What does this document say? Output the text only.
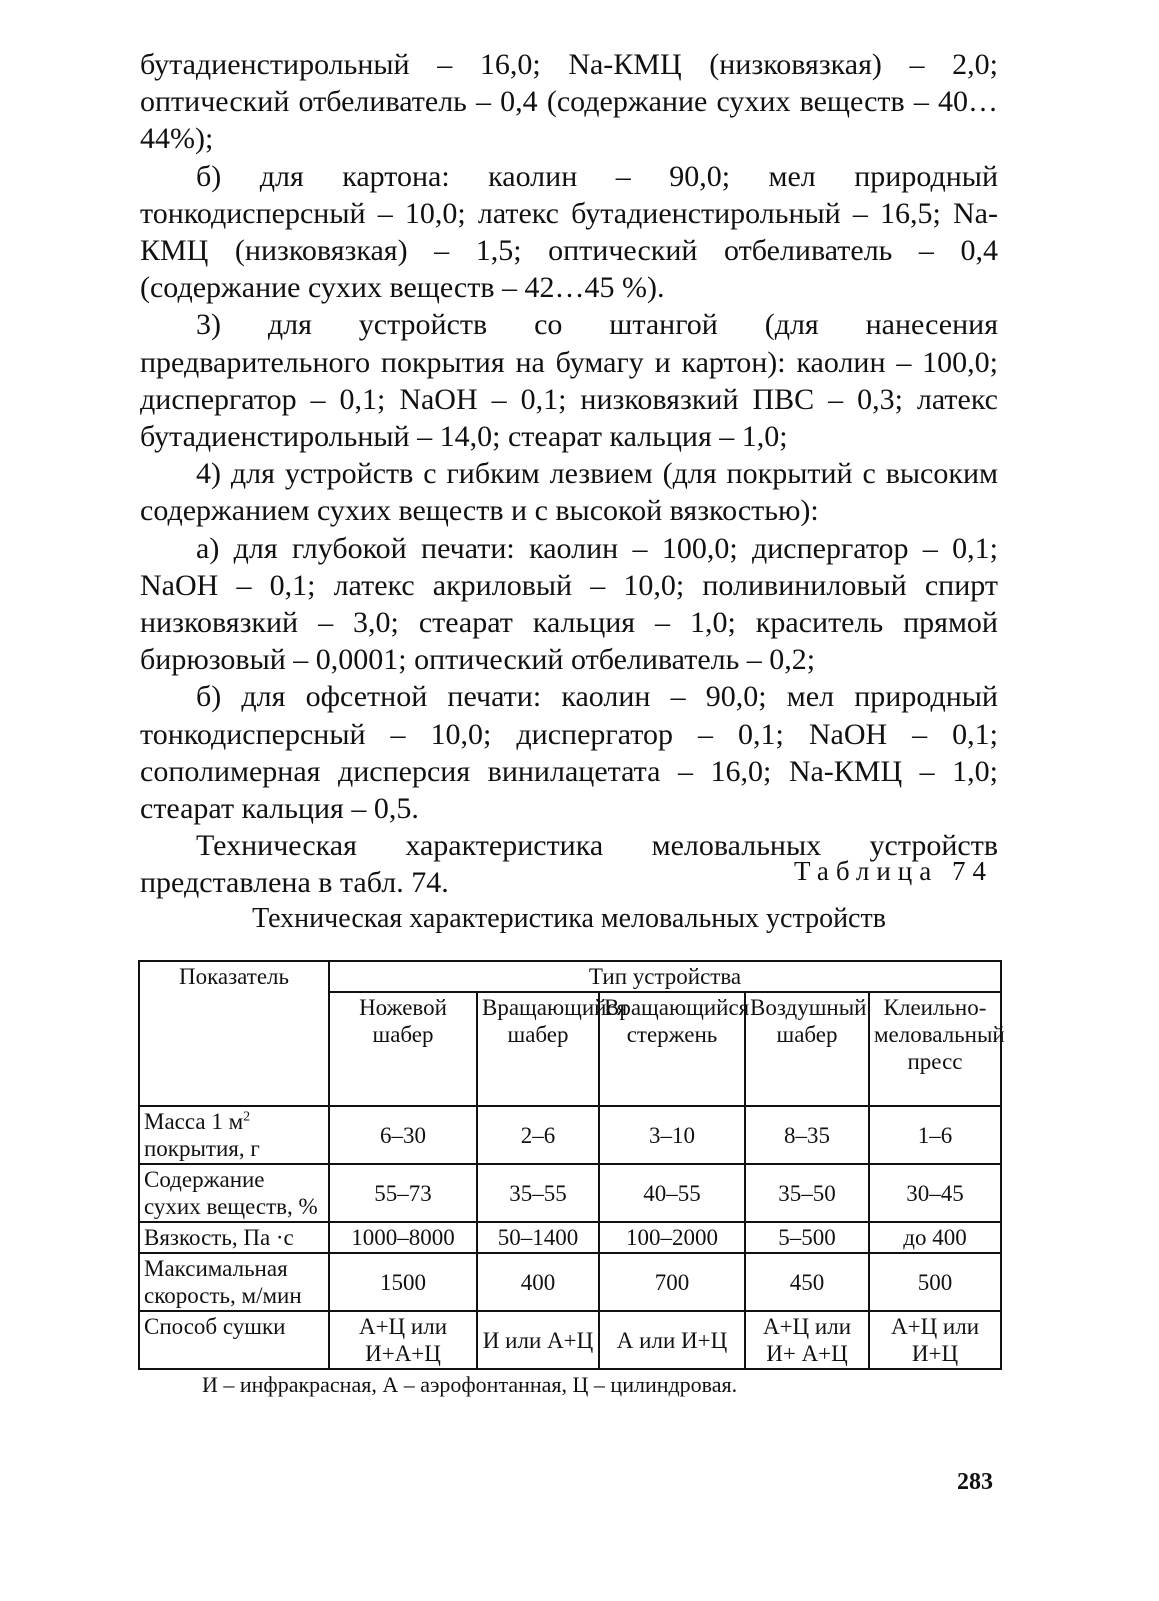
бутадиенстирольный – 16,0; Na-КМЦ (низковязкая) – 2,0; оптический отбеливатель – 0,4 (содержание сухих веществ – 40…44%);

б) для картона: каолин – 90,0; мел природный тонкодисперсный – 10,0; латекс бутадиенстирольный – 16,5; Na-КМЦ (низковязкая) – 1,5; оптический отбеливатель – 0,4 (содержание сухих веществ – 42…45 %).

3) для устройств со штангой (для нанесения предварительного покрытия на бумагу и картон): каолин – 100,0; диспергатор – 0,1; NaOH – 0,1; низковязкий ПВС – 0,3; латекс бутадиенстирольный – 14,0; стеарат кальция – 1,0;

4) для устройств с гибким лезвием (для покрытий с высоким содержанием сухих веществ и с высокой вязкостью):

а) для глубокой печати: каолин – 100,0; диспергатор – 0,1; NaOH – 0,1; латекс акриловый – 10,0; поливиниловый спирт низковязкий – 3,0; стеарат кальция – 1,0; краситель прямой бирюзовый – 0,0001; оптический отбеливатель – 0,2;

б) для офсетной печати: каолин – 90,0; мел природный тонкодисперсный – 10,0; диспергатор – 0,1; NaOH – 0,1; сополимерная дисперсия винилацетата – 16,0; Na-КМЦ – 1,0; стеарат кальция – 0,5.

Техническая характеристика меловальных устройств представлена в табл. 74.	Таблица 74
Техническая характеристика меловальных устройств
Показатель	Тип устройства				
	Ножевой шабер	Вращающийся шабер	Вращающийся стержень	Воздушный шабер	Клеильно-меловальный пресс
Масса 1 $м^2$ покрытия, г	6–30	2–6	3–10	8–35	1–6
Содержание сухих веществ, %	55–73	35–55	40–55	35–50	30–45
Вязкость, Па ·с	1000–8000	50–1400	100–2000	5–500	до 400
Максимальная скорость, м/мин	1500	400	700	450	500
Способ сушки	А+Ц или И+А+Ц	И или А+Ц	А или И+Ц	А+Ц или И+ А+Ц	А+Ц или И+Ц
И – инфракрасная, А – аэрофонтанная, Ц – цилиндровая.
283
